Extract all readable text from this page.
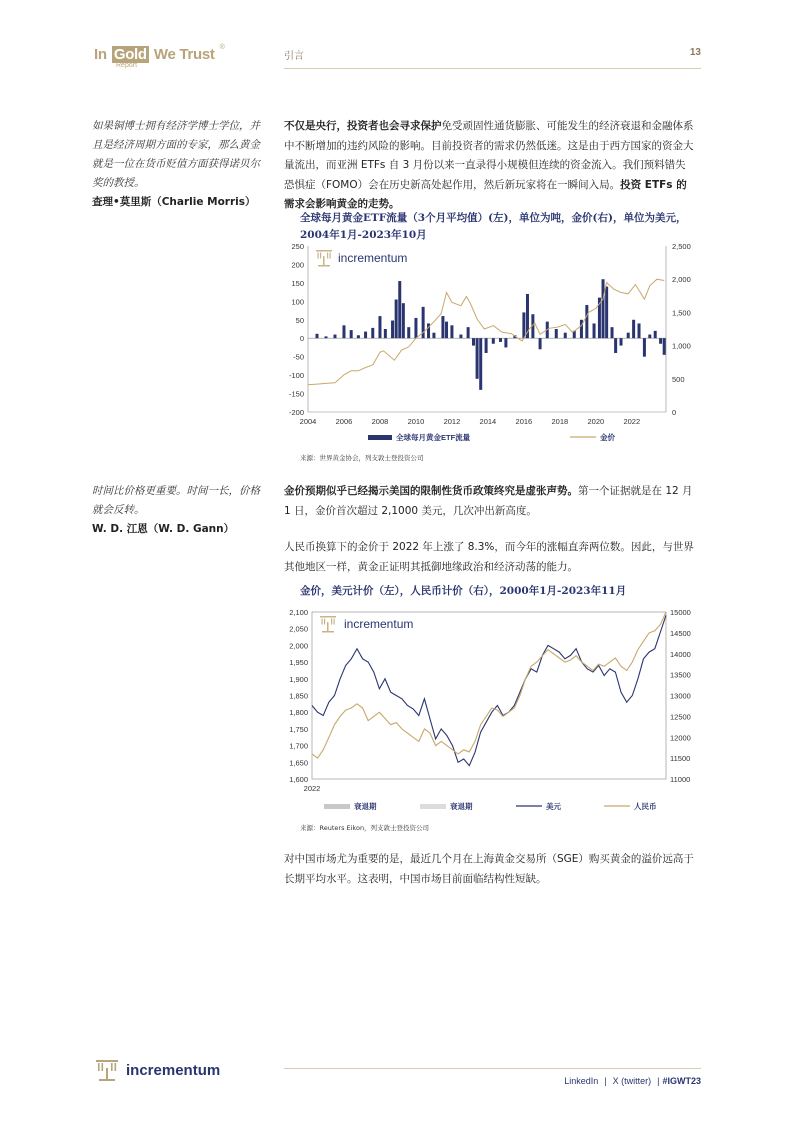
In Gold We Trust ®
Report
引言	13
如果铜博士拥有经济学博士学位，并且是经济周期方面的专家，那么黄金就是一位在货币贬值方面获得诺贝尔奖的教授。
查理•莫里斯（Charlie Morris）
不仅是央行，投资者也会寻求保护免受顽固性通货膨胀、可能发生的经济衰退和金融体系中不断增加的违约风险的影响。目前投资者的需求仍然低迷。这是由于西方国家的资金大量流出，而亚洲 ETFs 自 3 月份以来一直录得小规模但连续的资金流入。我们预料错失恐惧症（FOMO）会在历史新高处起作用，然后新玩家将在一瞬间入局。投资 ETFs 的需求会影响黄金的走势。
全球每月黄金ETF流量（3个月平均值）(左)，单位为吨，金价(右)，单位为美元，2004年1月-2023年10月
250
200
150
100
50
0
-50
-100
-150
-200
2,500
2,000
1,500
1,000
500
0
2004	2006	2008	2010	2012	2014	2016	2018	2020	2022
incrementum
全球每月黄金ETF流量	金价
来源：世界黄金协会，列支敦士登投资公司
时间比价格更重要。时间一长，价格就会反转。
W. D. 江恩（W. D. Gann）
金价预期似乎已经揭示美国的限制性货币政策终究是虚张声势。第一个证据就是在 12 月 1 日，金价首次超过 2,1000 美元，几次冲出新高度。
人民币换算下的金价于 2022 年上涨了 8.3%，而今年的涨幅直奔两位数。因此，与世界其他地区一样，黄金正证明其抵御地缘政治和经济动荡的能力。
金价，美元计价（左），人民币计价（右），2000年1月-2023年11月
2,100
2,050
2,000
1,950
1,900
1,850
1,800
1,750
1,700
1,650
1,600
15000
14500
14000
13500
13000
12500
12000
11500
11000
2022
incrementum
衰退期	衰退期	美元	人民币
来源：Reuters Eikon，列支敦士登投资公司
对中国市场尤为重要的是，最近几个月在上海黄金交易所（SGE）购买黄金的溢价远高于长期平均水平。这表明，中国市场目前面临结构性短缺。
incrementum
LinkedIn | X (twitter) | #IGWT23
